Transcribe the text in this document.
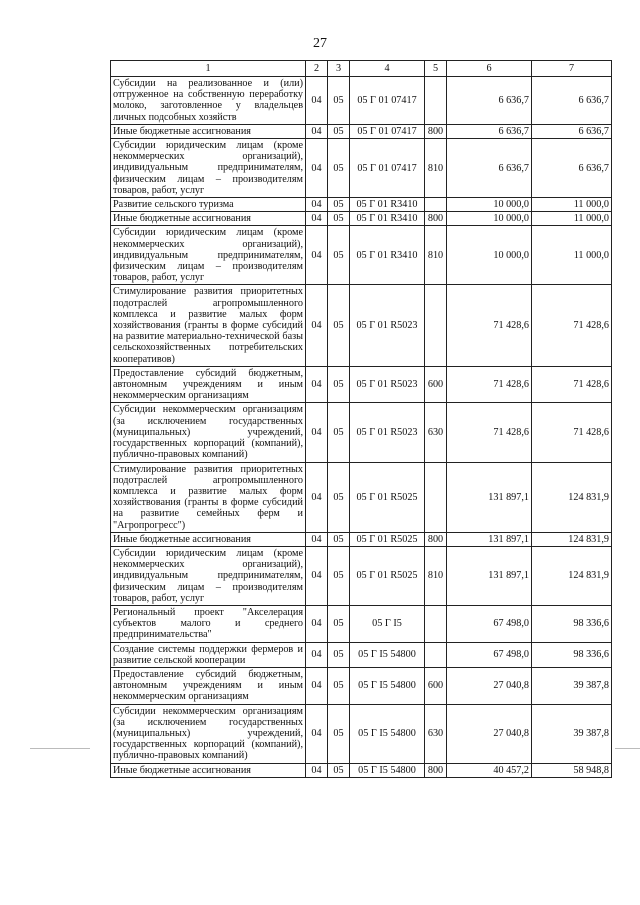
27
1	2	3	4	5	6	7
Субсидии на реализованное и (или) отгруженное на собственную переработку молоко, заготовленное у владельцев личных подсобных хозяйств	04	05	05 Г 01 07417		6 636,7	6 636,7
Иные бюджетные ассигнования	04	05	05 Г 01 07417	800	6 636,7	6 636,7
Субсидии юридическим лицам (кроме некоммерческих организаций), индивидуальным предпринимателям, физическим лицам – производителям товаров, работ, услуг	04	05	05 Г 01 07417	810	6 636,7	6 636,7
Развитие сельского туризма	04	05	05 Г 01 R3410		10 000,0	11 000,0
Иные бюджетные ассигнования	04	05	05 Г 01 R3410	800	10 000,0	11 000,0
Субсидии юридическим лицам (кроме некоммерческих организаций), индивидуальным предпринимателям, физическим лицам – производителям товаров, работ, услуг	04	05	05 Г 01 R3410	810	10 000,0	11 000,0
Стимулирование развития приоритетных подотраслей агропромышленного комплекса и развитие малых форм хозяйствования (гранты в форме субсидий на развитие материально-технической базы сельскохозяйственных потребительских кооперативов)	04	05	05 Г 01 R5023		71 428,6	71 428,6
Предоставление субсидий бюджетным, автономным учреждениям и иным некоммерческим организациям	04	05	05 Г 01 R5023	600	71 428,6	71 428,6
Субсидии некоммерческим организациям (за исключением государственных (муниципальных) учреждений, государственных корпораций (компаний), публично-правовых компаний)	04	05	05 Г 01 R5023	630	71 428,6	71 428,6
Стимулирование развития приоритетных подотраслей агропромышленного комплекса и развитие малых форм хозяйствования (гранты в форме субсидий на развитие семейных ферм и "Агропрогресс")	04	05	05 Г 01 R5025		131 897,1	124 831,9
Иные бюджетные ассигнования	04	05	05 Г 01 R5025	800	131 897,1	124 831,9
Субсидии юридическим лицам (кроме некоммерческих организаций), индивидуальным предпринимателям, физическим лицам – производителям товаров, работ, услуг	04	05	05 Г 01 R5025	810	131 897,1	124 831,9
Региональный проект "Акселерация субъектов малого и среднего предпринимательства"	04	05	05 Г I5		67 498,0	98 336,6
Создание системы поддержки фермеров и развитие сельской кооперации	04	05	05 Г I5 54800		67 498,0	98 336,6
Предоставление субсидий бюджетным, автономным учреждениям и иным некоммерческим организациям	04	05	05 Г I5 54800	600	27 040,8	39 387,8
Субсидии некоммерческим организациям (за исключением государственных (муниципальных) учреждений, государственных корпораций (компаний), публично-правовых компаний)	04	05	05 Г I5 54800	630	27 040,8	39 387,8
Иные бюджетные ассигнования	04	05	05 Г I5 54800	800	40 457,2	58 948,8
